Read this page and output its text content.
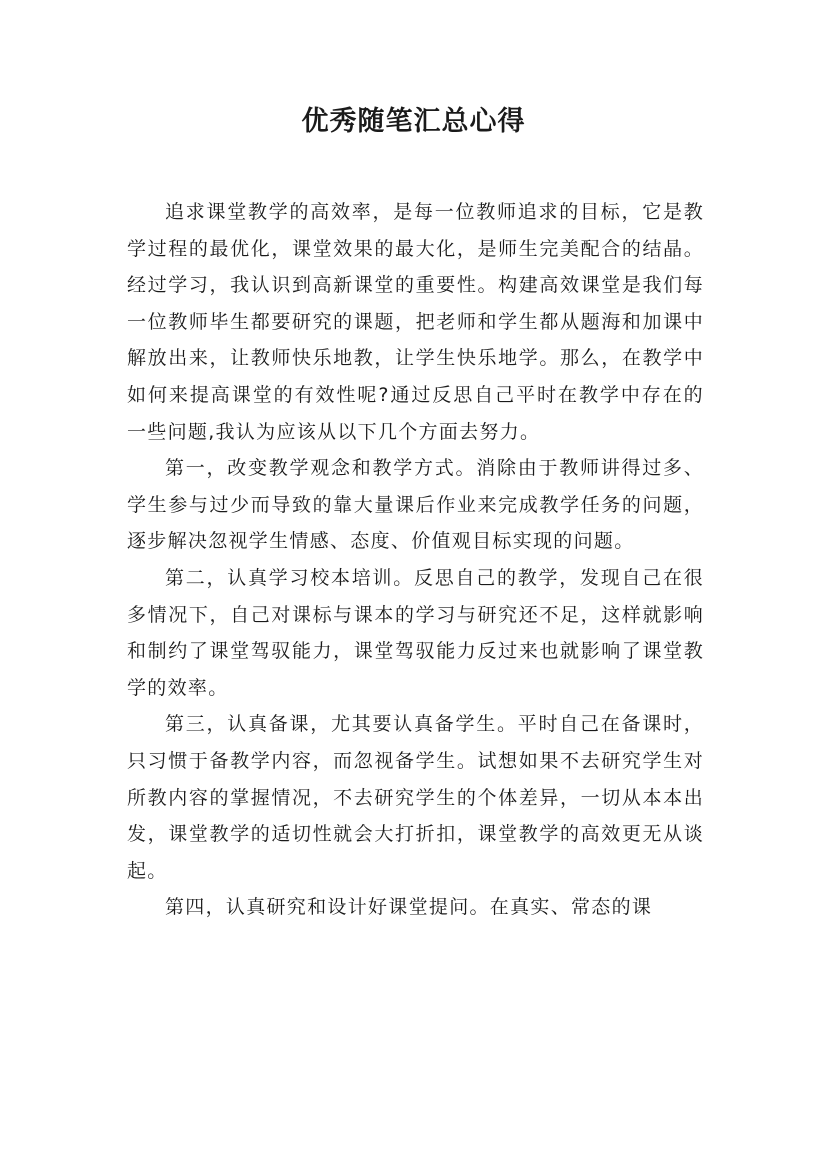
优秀随笔汇总心得

追求课堂教学的高效率，是每一位教师追求的目标，它是教学过程的最优化，课堂效果的最大化，是师生完美配合的结晶。经过学习，我认识到高新课堂的重要性。构建高效课堂是我们每一位教师毕生都要研究的课题，把老师和学生都从题海和加课中解放出来，让教师快乐地教，让学生快乐地学。那么，在教学中如何来提高课堂的有效性呢?通过反思自己平时在教学中存在的一些问题,我认为应该从以下几个方面去努力。

第一，改变教学观念和教学方式。消除由于教师讲得过多、学生参与过少而导致的靠大量课后作业来完成教学任务的问题，逐步解决忽视学生情感、态度、价值观目标实现的问题。

第二，认真学习校本培训。反思自己的教学，发现自己在很多情况下，自己对课标与课本的学习与研究还不足，这样就影响和制约了课堂驾驭能力，课堂驾驭能力反过来也就影响了课堂教学的效率。

第三，认真备课，尤其要认真备学生。平时自己在备课时，只习惯于备教学内容，而忽视备学生。试想如果不去研究学生对所教内容的掌握情况，不去研究学生的个体差异，一切从本本出发，课堂教学的适切性就会大打折扣，课堂教学的高效更无从谈起。

第四，认真研究和设计好课堂提问。在真实、常态的课
